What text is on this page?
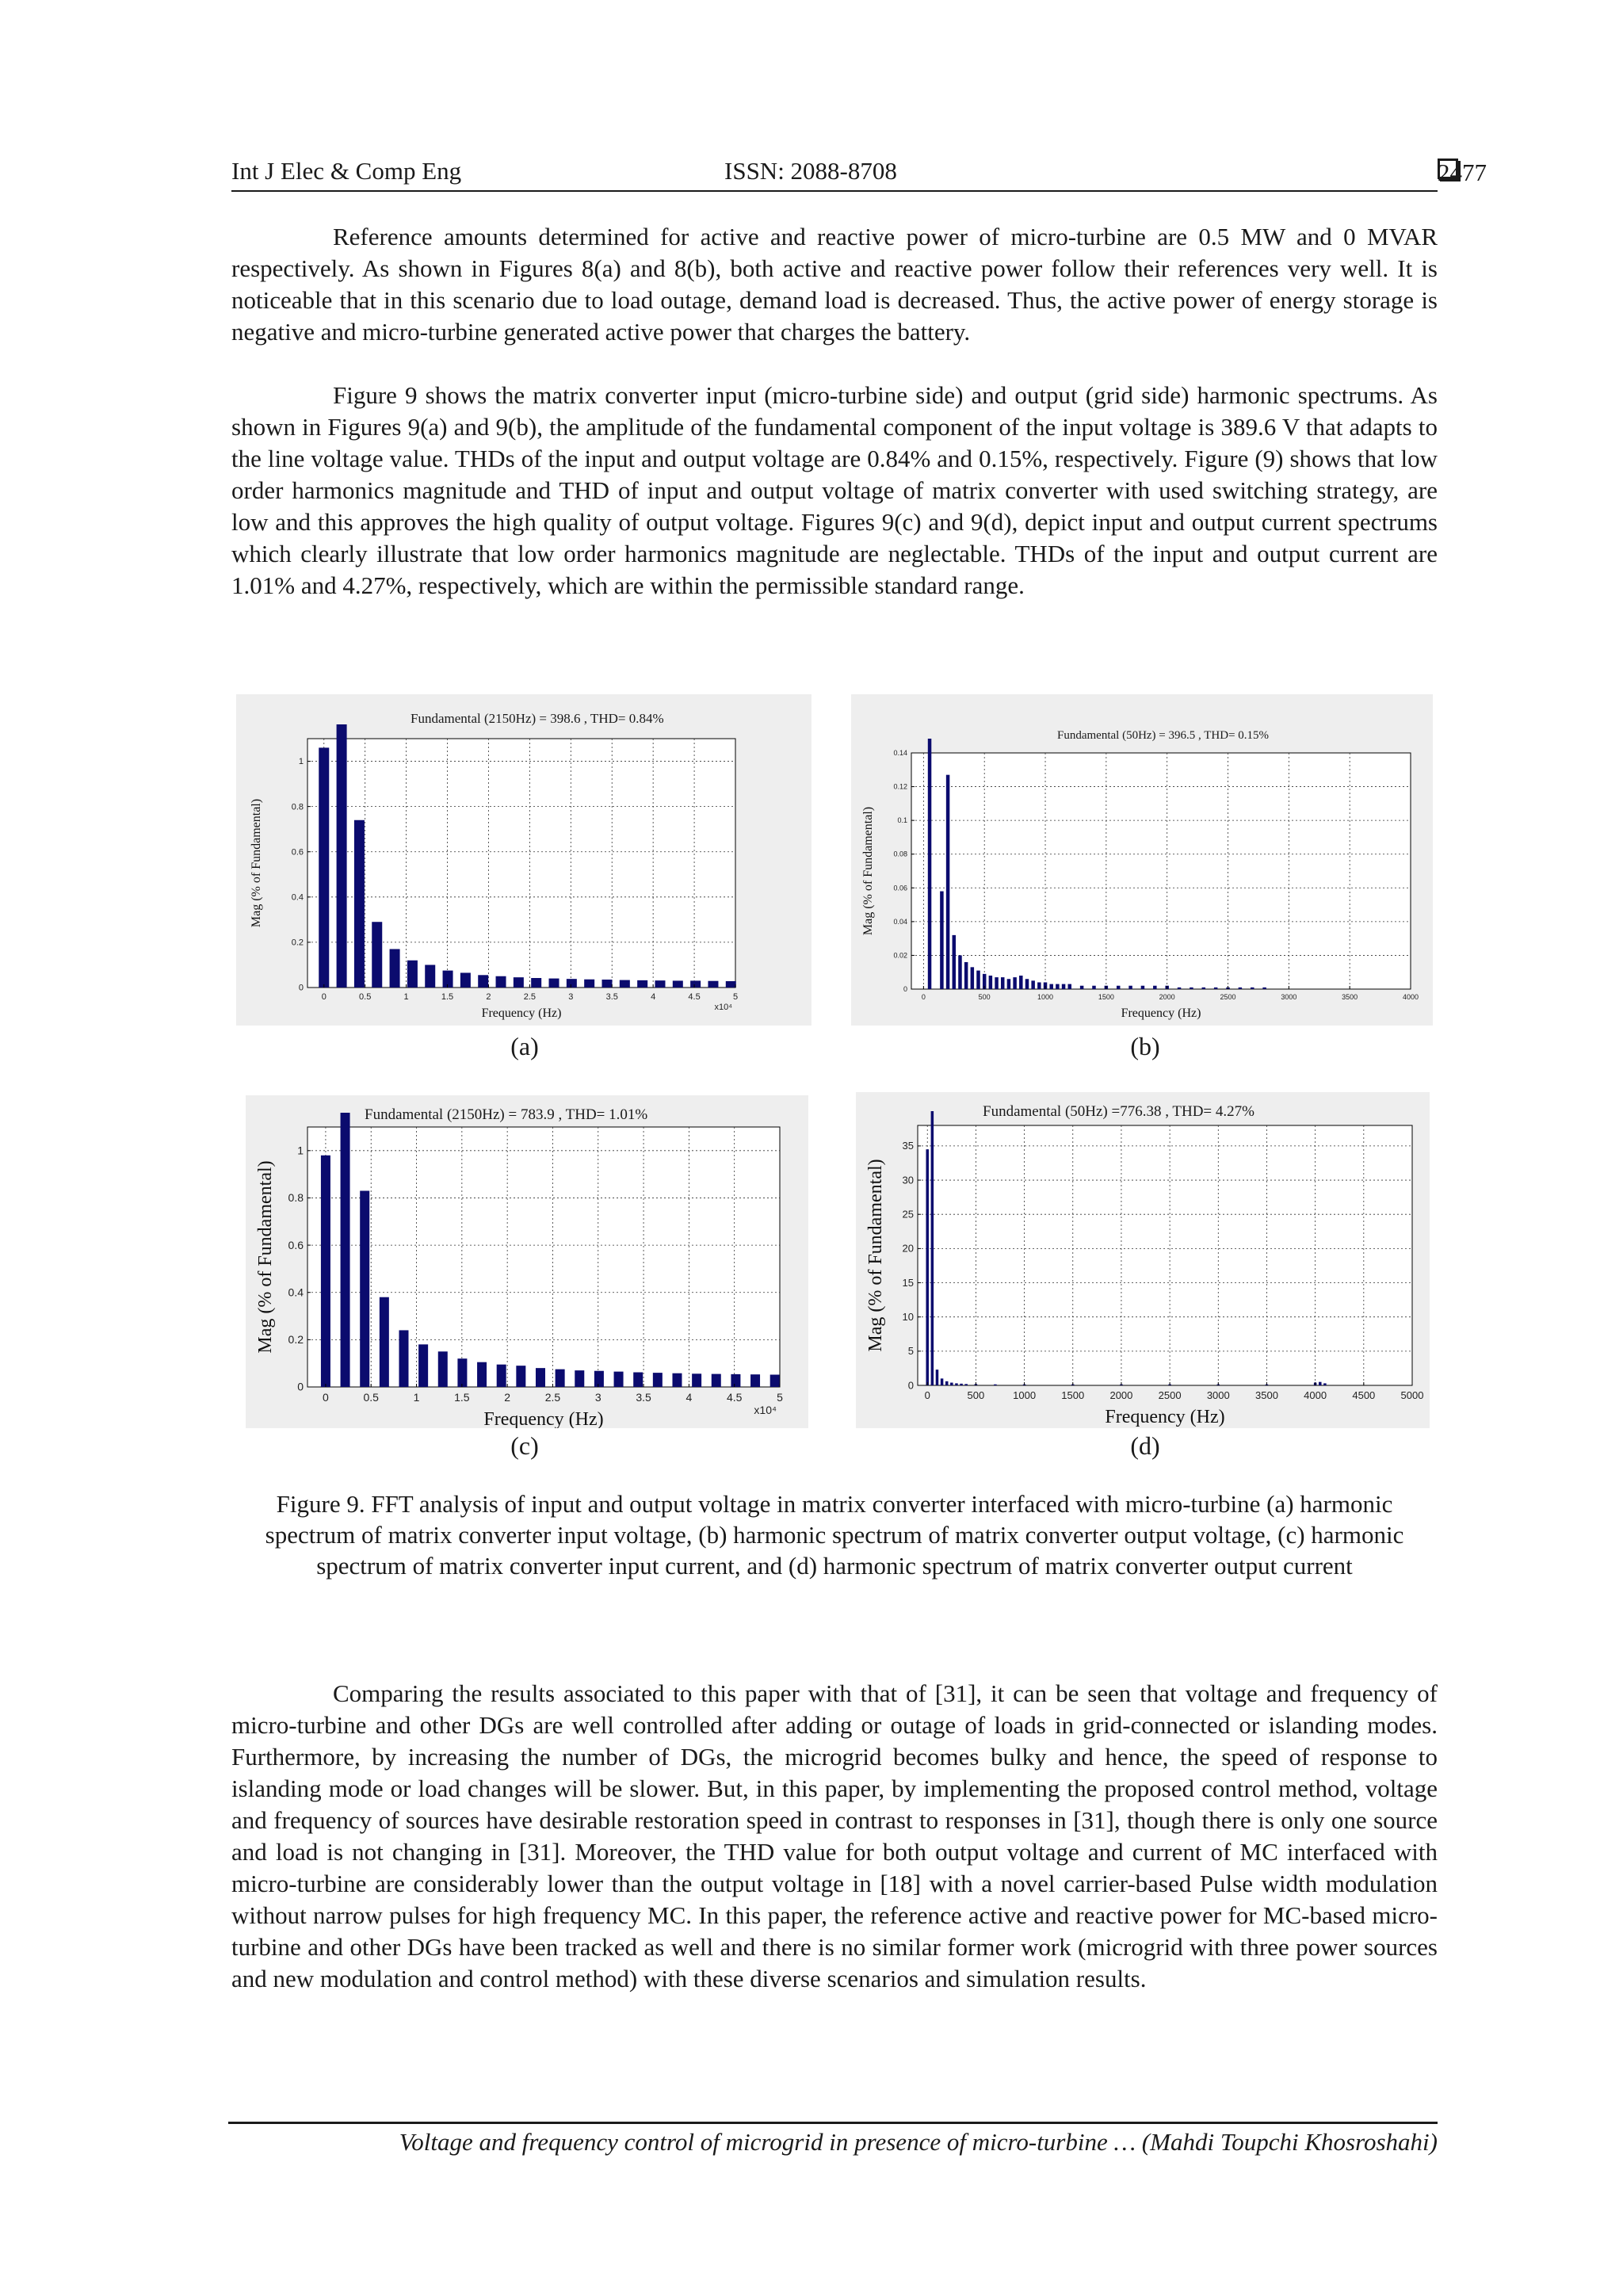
Int J Elec & Comp Eng	ISSN: 2088-8708	2477

Reference amounts determined for active and reactive power of micro-turbine are 0.5 MW and 0 MVAR respectively. As shown in Figures 8(a) and 8(b), both active and reactive power follow their references very well. It is noticeable that in this scenario due to load outage, demand load is decreased. Thus, the active power of energy storage is negative and micro-turbine generated active power that charges the battery.

Figure 9 shows the matrix converter input (micro-turbine side) and output (grid side) harmonic spectrums. As shown in Figures 9(a) and 9(b), the amplitude of the fundamental component of the input voltage is 389.6 V that adapts to the line voltage value. THDs of the input and output voltage are 0.84% and 0.15%, respectively. Figure (9) shows that low order harmonics magnitude and THD of input and output voltage of matrix converter with used switching strategy, are low and this approves the high quality of output voltage. Figures 9(c) and 9(d), depict input and output current spectrums which clearly illustrate that low order harmonics magnitude are neglectable. THDs of the input and output current are 1.01% and 4.27%, respectively, which are within the permissible standard range.

0	0.5	1	1.5	2	2.5	3	3.5	4	4.5	5
0
0.2
0.4
0.6
0.8
1
x10⁴
Fundamental (2150Hz) = 398.6 , THD= 0.84%
Frequency (Hz)
Mag (% of Fundamental)
(a)
0	500	1000	1500	2000	2500	3000	3500	4000
0
0.02
0.04
0.06
0.08
0.1
0.12
0.14
Fundamental (50Hz) = 396.5 , THD= 0.15%
Frequency (Hz)
Mag (% of Fundamental)
(b)
0	0.5	1	1.5	2	2.5	3	3.5	4	4.5	5
0
0.2
0.4
0.6
0.8
1
x10⁴
Fundamental (2150Hz) = 783.9 , THD= 1.01%
Frequency (Hz)
Mag (% of Fundamental)
(c)
0	500	1000 1500 2000 2500 3000 3500 4000 4500 5000
0
5
10
15
20
25
30
35
Fundamental (50Hz) =776.38 , THD= 4.27%
Frequency (Hz)
Mag (% of Fundamental)
(d)
Figure 9. FFT analysis of input and output voltage in matrix converter interfaced with micro-turbine (a) harmonic spectrum of matrix converter input voltage, (b) harmonic spectrum of matrix converter output voltage, (c) harmonic spectrum of matrix converter input current, and (d) harmonic spectrum of matrix converter output current

Comparing the results associated to this paper with that of [31], it can be seen that voltage and frequency of micro-turbine and other DGs are well controlled after adding or outage of loads in grid-connected or islanding modes. Furthermore, by increasing the number of DGs, the microgrid becomes bulky and hence, the speed of response to islanding mode or load changes will be slower. But, in this paper, by implementing the proposed control method, voltage and frequency of sources have desirable restoration speed in contrast to responses in [31], though there is only one source and load is not changing in [31]. Moreover, the THD value for both output voltage and current of MC interfaced with micro-turbine are considerably lower than the output voltage in [18] with a novel carrier-based Pulse width modulation without narrow pulses for high frequency MC. In this paper, the reference active and reactive power for MC-based micro-turbine and other DGs have been tracked as well and there is no similar former work (microgrid with three power sources and new modulation and control method) with these diverse scenarios and simulation results.

Voltage and frequency control of microgrid in presence of micro-turbine … (Mahdi Toupchi Khosroshahi)
